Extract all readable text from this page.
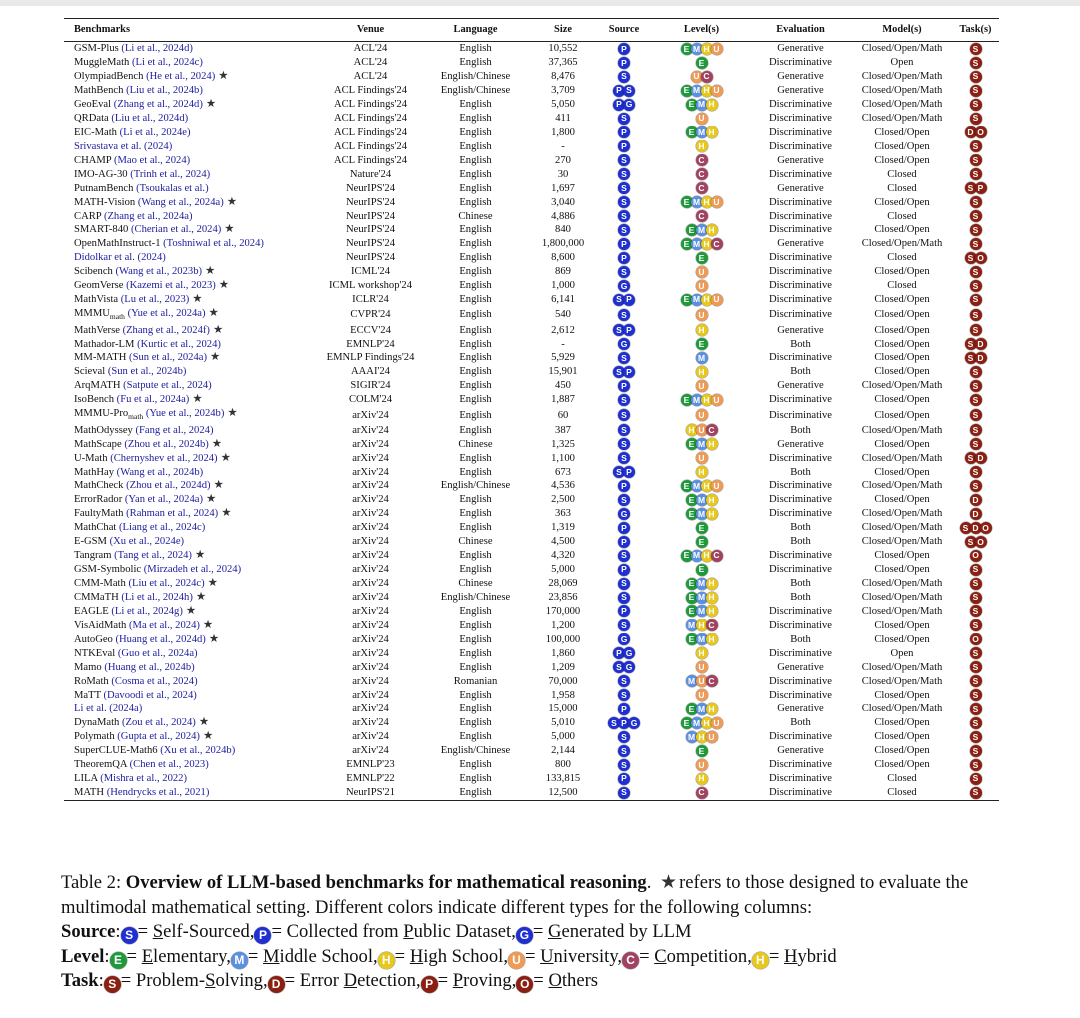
Benchmarks	Venue	Language	Size	Source	Level(s)	Evaluation	Model(s)	Task(s)
GSM-Plus (Li et al., 2024d)	ACL'24	English	10,552	P	E M H U	Generative	Closed/Open/Math	S

MuggleMath (Li et al., 2024c)	ACL'24	English	37,365	P	E	Discriminative	Open	S

OlympiadBench (He et al., 2024) ★	ACL'24	English/Chinese	8,476	S	U C	Generative	Closed/Open/Math	S

MathBench (Liu et al., 2024b)	ACL Findings'24	English/Chinese	3,709	P S	E M H U	Generative	Closed/Open/Math	S

GeoEval (Zhang et al., 2024d) ★	ACL Findings'24	English	5,050	P G	E M H	Discriminative	Closed/Open/Math	S

QRData (Liu et al., 2024d)	ACL Findings'24	English	411	S	U	Discriminative	Closed/Open/Math	S

EIC-Math (Li et al., 2024e)	ACL Findings'24	English	1,800	P	E M H	Discriminative	Closed/Open	D O

Srivastava et al. (2024)	ACL Findings'24	English	-	P	H	Discriminative	Closed/Open	S

CHAMP (Mao et al., 2024)	ACL Findings'24	English	270	S	C	Generative	Closed/Open	S

IMO-AG-30 (Trinh et al., 2024)	Nature'24	English	30	S	C	Discriminative	Closed	S

PutnamBench (Tsoukalas et al.)	NeurIPS'24	English	1,697	S	C	Generative	Closed	S P

MATH-Vision (Wang et al., 2024a) ★	NeurIPS'24	English	3,040	S	E M H U	Discriminative	Closed/Open	S

CARP (Zhang et al., 2024a)	NeurIPS'24	Chinese	4,886	S	C	Discriminative	Closed	S

SMART-840 (Cherian et al., 2024) ★	NeurIPS'24	English	840	S	E M H	Discriminative	Closed/Open	S

OpenMathInstruct-1 (Toshniwal et al., 2024)	NeurIPS'24	English	1,800,000	P	E M H C	Generative	Closed/Open/Math	S

Didolkar et al. (2024)	NeurIPS'24	English	8,600	P	E	Discriminative	Closed	S O

Scibench (Wang et al., 2023b) ★	ICML'24	English	869	S	U	Discriminative	Closed/Open	S

GeomVerse (Kazemi et al., 2023) ★	ICML workshop'24	English	1,000	G	U	Discriminative	Closed	S

MathVista (Lu et al., 2023) ★	ICLR'24	English	6,141	S P	E M H U	Discriminative	Closed/Open	S

$MMMU_{math}$ (Yue et al., 2024a) ★	CVPR'24	English	540	S	U	Discriminative	Closed/Open	S

MathVerse (Zhang et al., 2024f) ★	ECCV'24	English	2,612	S P	H	Generative	Closed/Open	S

Mathador-LM (Kurtic et al., 2024)	EMNLP'24	English	-	G	E	Both	Closed/Open	S D

MM-MATH (Sun et al., 2024a) ★	EMNLP Findings'24	English	5,929	S	M	Discriminative	Closed/Open	S D

Scieval (Sun et al., 2024b)	AAAI'24	English	15,901	S P	H	Both	Closed/Open	S

ArqMATH (Satpute et al., 2024)	SIGIR'24	English	450	P	U	Generative	Closed/Open/Math	S

IsoBench (Fu et al., 2024a) ★	COLM'24	English	1,887	S	E M H U	Discriminative	Closed/Open	S

MMMU-Pro$_{math}$ (Yue et al., 2024b) ★	arXiv'24	English	60	S	U	Discriminative	Closed/Open	S

MathOdyssey (Fang et al., 2024)	arXiv'24	English	387	S	H U C	Both	Closed/Open/Math	S

MathScape (Zhou et al., 2024b) ★	arXiv'24	Chinese	1,325	S	E M H	Generative	Closed/Open	S

U-Math (Chernyshev et al., 2024) ★	arXiv'24	English	1,100	S	U	Discriminative	Closed/Open/Math	S D

MathHay (Wang et al., 2024b)	arXiv'24	English	673	S P	H	Both	Closed/Open	S

MathCheck (Zhou et al., 2024d) ★	arXiv'24	English/Chinese	4,536	P	E M H U	Discriminative	Closed/Open/Math	S

ErrorRador (Yan et al., 2024a) ★	arXiv'24	English	2,500	S	E M H	Discriminative	Closed/Open	D

FaultyMath (Rahman et al., 2024) ★	arXiv'24	English	363	G	E M H	Discriminative	Closed/Open/Math	D

MathChat (Liang et al., 2024c)	arXiv'24	English	1,319	P	E	Both	Closed/Open/Math	S D O

E-GSM (Xu et al., 2024e)	arXiv'24	Chinese	4,500	P	E	Both	Closed/Open/Math	S O

Tangram (Tang et al., 2024) ★	arXiv'24	English	4,320	S	E M H C	Discriminative	Closed/Open	O

GSM-Symbolic (Mirzadeh et al., 2024)	arXiv'24	English	5,000	P	E	Discriminative	Closed/Open	S

CMM-Math (Liu et al., 2024c) ★	arXiv'24	Chinese	28,069	S	E M H	Both	Closed/Open/Math	S

CMMaTH (Li et al., 2024h) ★	arXiv'24	English/Chinese	23,856	S	E M H	Both	Closed/Open/Math	S

EAGLE (Li et al., 2024g) ★	arXiv'24	English	170,000	P	E M H	Discriminative	Closed/Open/Math	S

VisAidMath (Ma et al., 2024) ★	arXiv'24	English	1,200	S	M H C	Discriminative	Closed/Open	S

AutoGeo (Huang et al., 2024d) ★	arXiv'24	English	100,000	G	E M H	Both	Closed/Open	O

NTKEval (Guo et al., 2024a)	arXiv'24	English	1,860	P G	H	Discriminative	Open	S

Mamo (Huang et al., 2024b)	arXiv'24	English	1,209	S G	U	Generative	Closed/Open/Math	S

RoMath (Cosma et al., 2024)	arXiv'24	Romanian	70,000	S	M U C	Discriminative	Closed/Open/Math	S

MaTT (Davoodi et al., 2024)	arXiv'24	English	1,958	S	U	Discriminative	Closed/Open	S

Li et al. (2024a)	arXiv'24	English	15,000	P	E M H	Generative	Closed/Open/Math	S

DynaMath (Zou et al., 2024) ★	arXiv'24	English	5,010	S P G	E M H U	Both	Closed/Open	S

Polymath (Gupta et al., 2024) ★	arXiv'24	English	5,000	S	M H U	Discriminative	Closed/Open	S

SuperCLUE-Math6 (Xu et al., 2024b)	arXiv'24	English/Chinese	2,144	S	E	Generative	Closed/Open	S

TheoremQA (Chen et al., 2023)	EMNLP'23	English	800	S	U	Discriminative	Closed/Open	S

LILA (Mishra et al., 2022)	EMNLP'22	English	133,815	P	H	Discriminative	Closed	S

MATH (Hendrycks et al., 2021)	NeurIPS'21	English	12,500	S	C	Discriminative	Closed	S
Table 2: Overview of LLM-based benchmarks for mathematical reasoning. ★ refers to those designed to evaluate the multimodal mathematical setting. Different colors indicate different types for the following columns:
Source: S = Self-Sourced, P = Collected from Public Dataset, G = Generated by LLM
Level: E = Elementary, M = Middle School, H = High School, U = University, C = Competition, H = Hybrid
Task: S = Problem-Solving, D = Error Detection, P = Proving, O = Others
